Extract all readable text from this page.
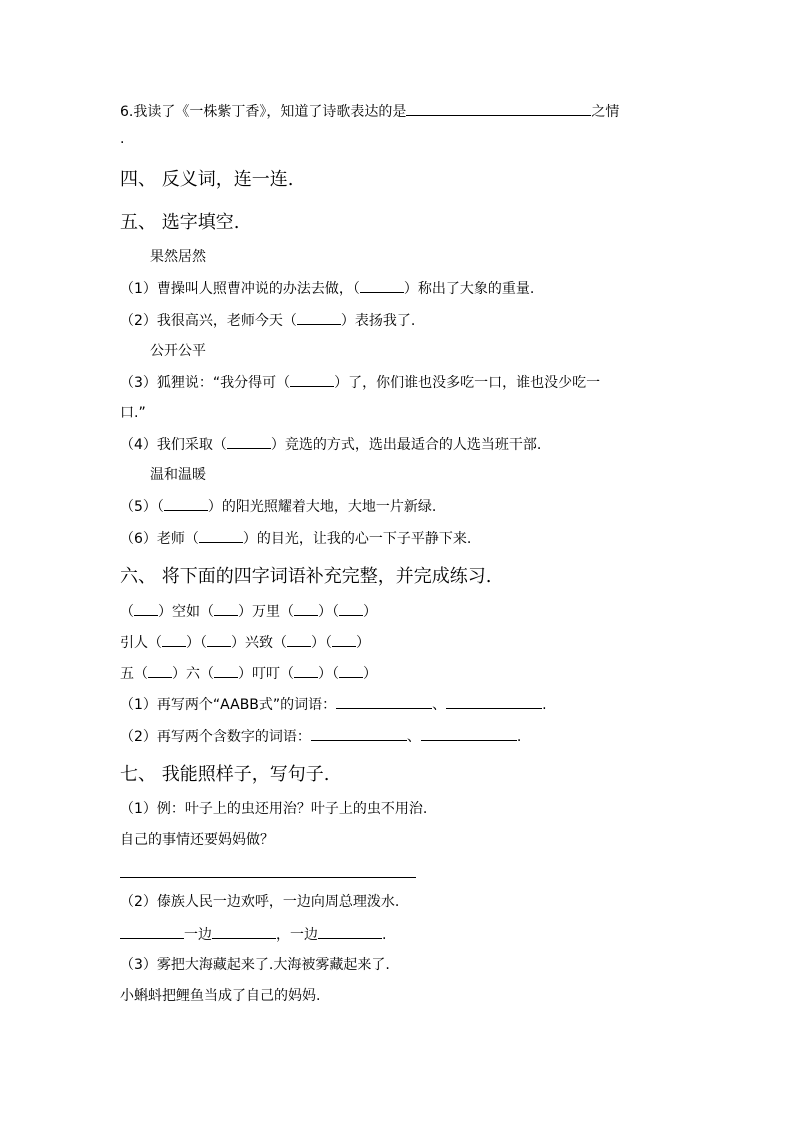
6.我读了《一株紫丁香》，知道了诗歌表达的是	之情
.
四、 反义词，连一连.
五、 选字填空.
果然居然
（1）曹操叫人照曹冲说的办法去做，（	）称出了大象的重量.
（2）我很高兴，老师今天（	）表扬我了.
公开公平
（3）狐狸说：“我分得可（	）了，你们谁也没多吃一口，谁也没少吃一
口.”
（4）我们采取（	）竞选的方式，选出最适合的人选当班干部.
温和温暖
（5）（	）的阳光照耀着大地，大地一片新绿.
（6）老师（	）的目光，让我的心一下子平静下来.
六、 将下面的四字词语补充完整，并完成练习.
（ ）空如（ ）万里（ ）（ ）
引人（ ）（ ）兴致（ ）（ ）
五（ ）六（ ）叮叮（ ）（ ）
（1）再写两个“AABB式”的词语：	、	.
（2）再写两个含数字的词语：	、	.
七、 我能照样子，写句子.
（1）例：叶子上的虫还用治？叶子上的虫不用治.
自己的事情还要妈妈做？
（2）傣族人民一边欢呼，一边向周总理泼水.
一边	，一边	.
（3）雾把大海藏起来了.大海被雾藏起来了.
小蝌蚪把鲤鱼当成了自己的妈妈.
